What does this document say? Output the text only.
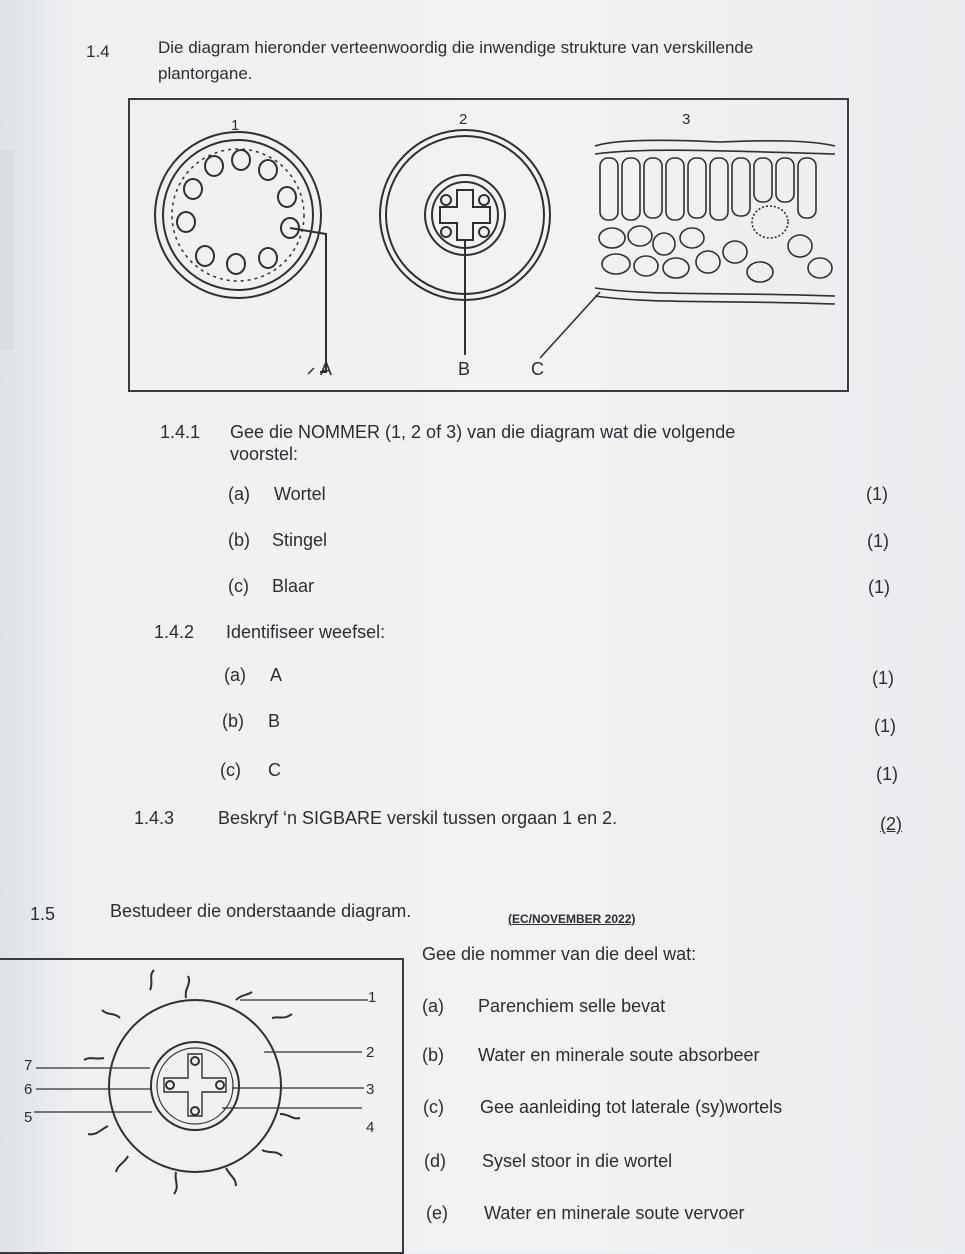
1.4	Die diagram hieronder verteenwoordig die inwendige strukture van verskillende
plantorgane.
1	2	3
A	B	C
1.4.1 Gee die NOMMER (1, 2 of 3) van die diagram wat die volgende
voorstel:
(a) Wortel	(1)
(b) Stingel	(1)
(c) Blaar	(1)
1.4.2 Identifiseer weefsel:
(a) A	(1)
(b) B	(1)
(c) C	(1)
1.4.3 Beskryf ‘n SIGBARE verskil tussen orgaan 1 en 2.	(2)
1.5	Bestudeer die onderstaande diagram.	(EC/NOVEMBER 2022)
Gee die nommer van die deel wat:
1
2
3
4
5
6
7
(a) Parenchiem selle bevat
(b) Water en minerale soute absorbeer
(c) Gee aanleiding tot laterale (sy)wortels
(d) Sysel stoor in die wortel
(e) Water en minerale soute vervoer
